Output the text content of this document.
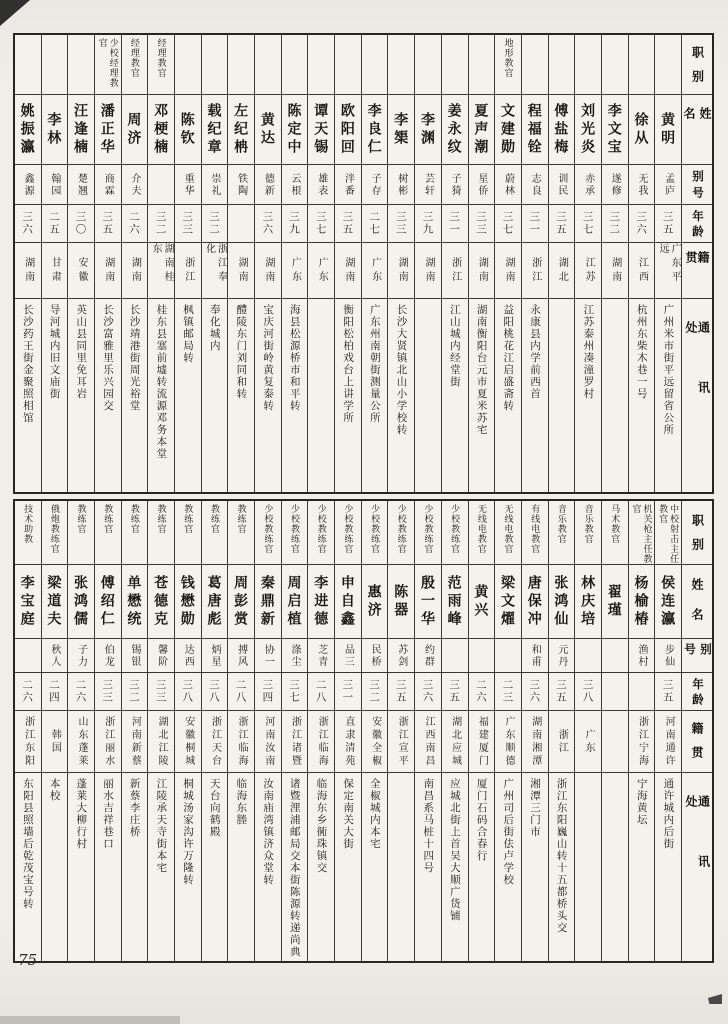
职别
姓名
别号
年龄
籍贯
通讯处
黄明
孟庐
三五
广东平远
广州米市街平远留省公所
徐从
无我
三六
江西
杭州东柴木巷一号
李文宝
遂修
三二
湖南
刘光炎
赤承
三七
江苏
江苏泰州凑潼罗村
傅盐梅
训民
三五
湖北
程福铨
志良
三一
浙江
永康县内学前西首
地形教官
文建勋
蔚林
三七
湖南
益阳桃花江启盛斋转
夏声潮
星侨
三三
湖南
湖南衡阳台元市夏米苏宅
姜永纹
子猗
三一
浙江
江山城内经堂街
李渊
芸轩
三九
湖南
李榘
树彬
三三
湖南
长沙大贤镇北山小学校转
李良仁
子存
二七
广东
广东州南朝街测量公所
欧阳回
泮番
三五
湖南
衡阳松柏戏台上讲学所
谭天锡
雄表
三七
广东
陈定中
云根
三九
广东
海县松源桥市和平转
黄达
德新
三六
湖南
宝庆河街岭黄复泰转
左纪柟
铁陶
湖南
醴陵东门刘同和转
载纪章
崇礼
三二
浙江奉化
奉化城内
陈钦
重华
三三
浙江
枫镇邮局转
经理教官
邓梗楠
三二
湖南桂东
桂东县塞前墟转流源邓务本堂
经理教官
周济
介夫
二六
湖南
长沙靖港街周光裕堂
少校经理教官
潘正华
商霖
三五
湖南
长沙富雅里乐兴园交
汪逢楠
楚翘
三〇
安徽
英山县同里免耳岩
李林
翰园
二五
甘肃
导河城内旧文庙街
姚振瀛
鑫源
三六
湖南
长沙药王街金聚照相馆
职别
姓名
别号
年龄
籍贯
通讯处
中校射击主任教官
侯连瀛
步仙
三五
河南通许
通许城内后街
机关枪主任教官
杨榆椿
渔村
浙江宁海
宁海黄坛
马术教官
翟瑾
音乐教官
林庆培
三八
广东
音乐教官
张鸿仙
元丹
三五
浙江
浙江东阳巍山转十五都桥头交
有线电教官
唐保冲
和甫
三六
湖南湘潭
湘潭三门市
无线电教官
梁文燿
二三
广东顺德
广州司后街佉卢学校
无线电教官
黄兴
二六
福建厦门
厦门石码合春行
少校教练官
范雨峰
三五
湖北应城
应城北街上首吴大顺广货铺
少校教练官
殷一华
约群
三六
江西南昌
南昌系马桩十四号
少校教练官
陈器
苏剑
三五
浙江宣平
少校教练官
惠济
民桥
三二
安徽全椒
全椒城内本宅
少校教练官
申自鑫
品三
三一
直隶清苑
保定南关大街
少校教练官
李进德
芝青
二八
浙江临海
临海东乡衕珠镇交
少校教练官
周启植
涤尘
三七
浙江诸暨
诸暨浬浦邮局交本街陈源转递尚典
少校教练官
秦鼎新
协一
三四
河南汝南
汝南庙湾镇济众堂转
教练官
周彭赏
搏风
二八
浙江临海
临海东塍
教练官
葛唐彪
炳星
三八
浙江天台
天台向鹤殿
教练官
钱懋勋
达西
三八
安徽桐城
桐城汤家沟许万隆转
教练官
苍德克
馨阶
三三
湖北江陵
江陵承天寺街本宅
教练官
单懋统
锡银
三二
河南新蔡
新蔡李庄桥
教练官
傅绍仁
伯龙
三三
浙江丽水
丽水吉祥巷口
教练官
张鸿儒
子力
二六
山东蓬莱
蓬莱大柳行村
俄炮教练官
梁道夫
秋人
二四
韩国
本校
技术助教
李宝庭
二六
浙江东阳
东阳县照墙后乾茂宝号转
75
